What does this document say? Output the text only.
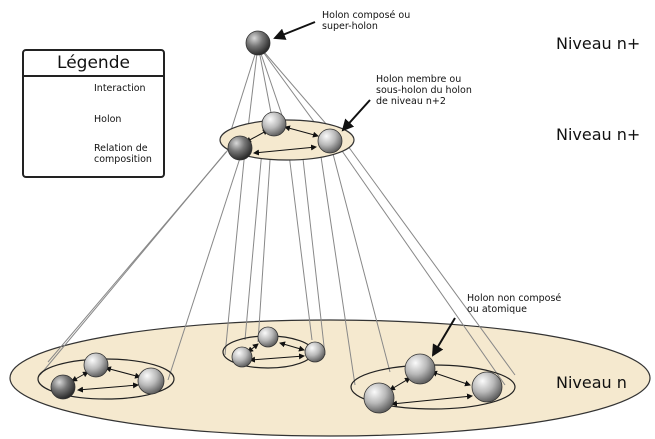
Légende
Interaction
Holon
Relation de
composition
Holon composé ou
super-holon
Holon membre ou
sous-holon du holon
de niveau n+2
Holon non composé
ou atomique
Niveau n+
Niveau n+
Niveau n
